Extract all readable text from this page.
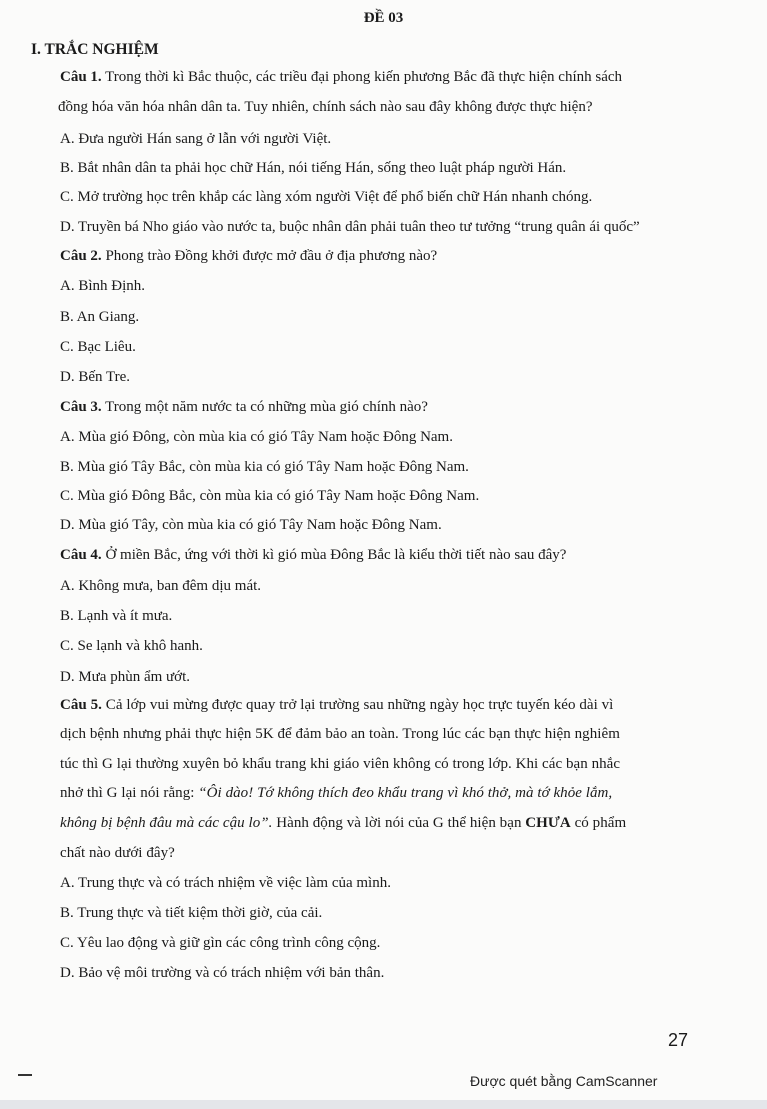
ĐỀ 03
I. TRẮC NGHIỆM
Câu 1. Trong thời kì Bắc thuộc, các triều đại phong kiến phương Bắc đã thực hiện chính sách
đồng hóa văn hóa nhân dân ta. Tuy nhiên, chính sách nào sau đây không được thực hiện?
A. Đưa người Hán sang ở lẫn với người Việt.
B. Bắt nhân dân ta phải học chữ Hán, nói tiếng Hán, sống theo luật pháp người Hán.
C. Mở trường học trên khắp các làng xóm người Việt để phổ biến chữ Hán nhanh chóng.
D. Truyền bá Nho giáo vào nước ta, buộc nhân dân phải tuân theo tư tưởng “trung quân ái quốc”
Câu 2. Phong trào Đồng khởi được mở đầu ở địa phương nào?
A. Bình Định.
B. An Giang.
C. Bạc Liêu.
D. Bến Tre.
Câu 3. Trong một năm nước ta có những mùa gió chính nào?
A. Mùa gió Đông, còn mùa kia có gió Tây Nam hoặc Đông Nam.
B. Mùa gió Tây Bắc, còn mùa kia có gió Tây Nam hoặc Đông Nam.
C. Mùa gió Đông Bắc, còn mùa kia có gió Tây Nam hoặc Đông Nam.
D. Mùa gió Tây, còn mùa kia có gió Tây Nam hoặc Đông Nam.
Câu 4. Ở miền Bắc, ứng với thời kì gió mùa Đông Bắc là kiểu thời tiết nào sau đây?
A. Không mưa, ban đêm dịu mát.
B. Lạnh và ít mưa.
C. Se lạnh và khô hanh.
D. Mưa phùn ẩm ướt.
Câu 5. Cả lớp vui mừng được quay trở lại trường sau những ngày học trực tuyến kéo dài vì
dịch bệnh nhưng phải thực hiện 5K để đảm bảo an toàn. Trong lúc các bạn thực hiện nghiêm
túc thì G lại thường xuyên bỏ khẩu trang khi giáo viên không có trong lớp. Khi các bạn nhắc
nhở thì G lại nói rằng: “Ôi dào! Tớ không thích đeo khẩu trang vì khó thở, mà tớ khỏe lắm,
không bị bệnh đâu mà các cậu lo”. Hành động và lời nói của G thể hiện bạn CHƯA có phẩm
chất nào dưới đây?
A. Trung thực và có trách nhiệm về việc làm của mình.
B. Trung thực và tiết kiệm thời giờ, của cải.
C. Yêu lao động và giữ gìn các công trình công cộng.
D. Bảo vệ môi trường và có trách nhiệm với bản thân.
27
Được quét bằng CamScanner
